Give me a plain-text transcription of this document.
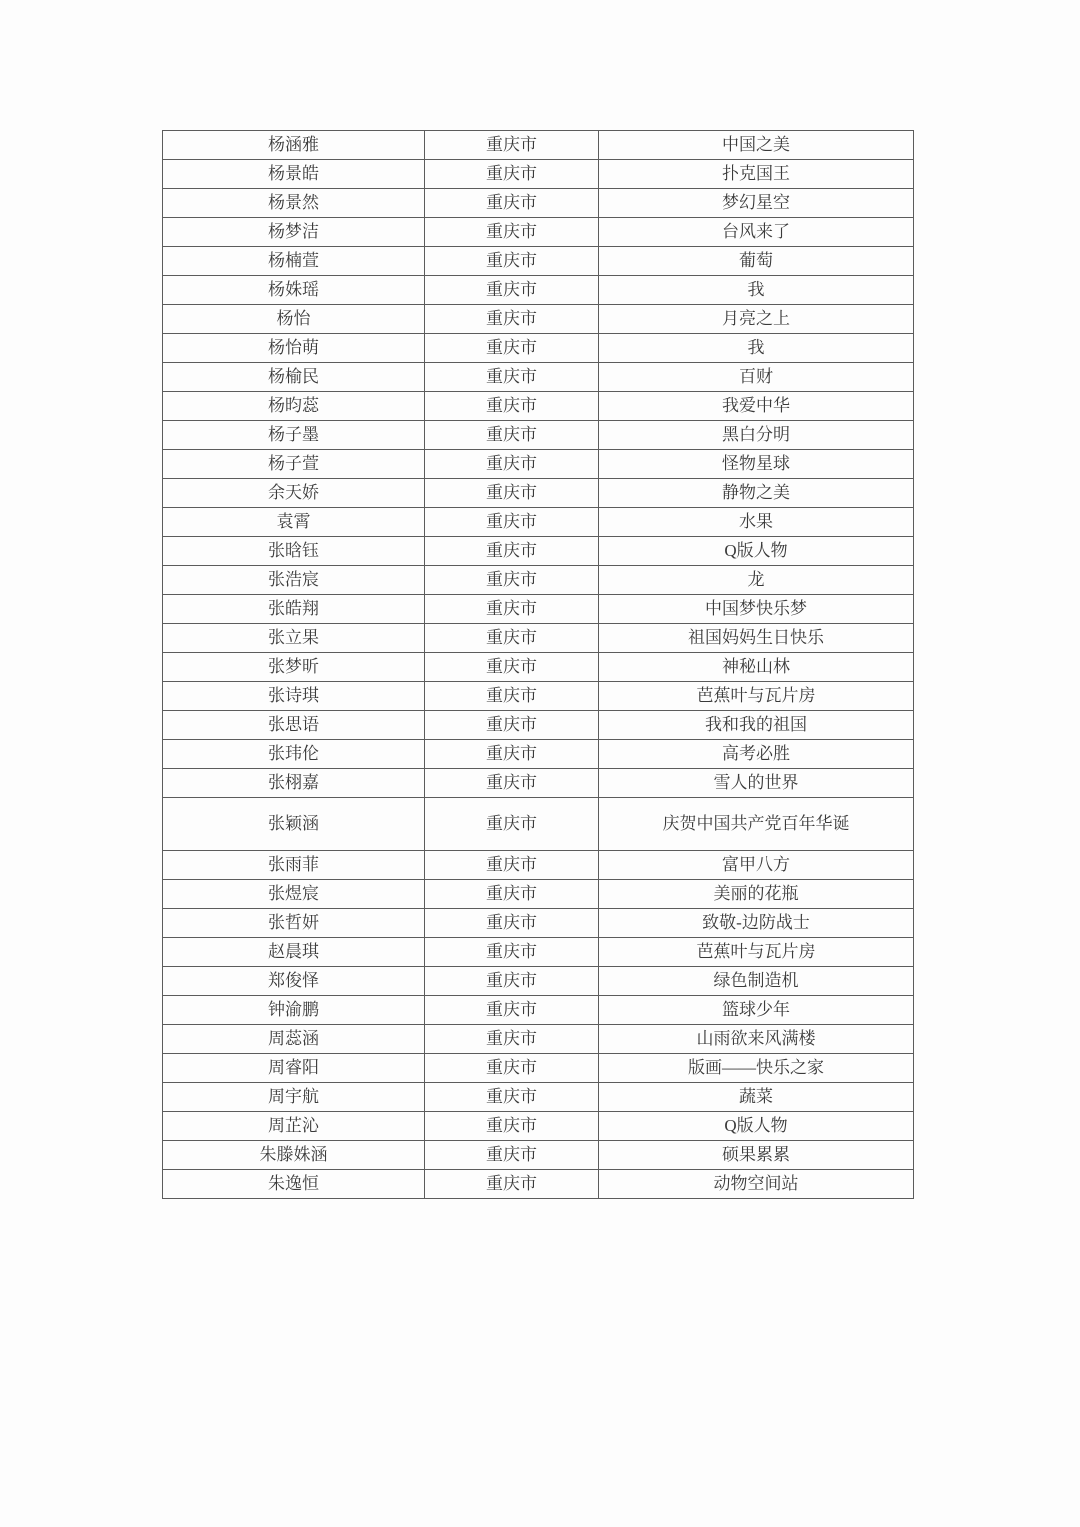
杨涵雅	重庆市	中国之美
杨景皓	重庆市	扑克国王
杨景然	重庆市	梦幻星空
杨梦洁	重庆市	台风来了
杨楠萱	重庆市	葡萄
杨姝瑶	重庆市	我
杨怡	重庆市	月亮之上
杨怡萌	重庆市	我
杨榆民	重庆市	百财
杨昀蕊	重庆市	我爱中华
杨子墨	重庆市	黑白分明
杨子萱	重庆市	怪物星球
余天娇	重庆市	静物之美
袁霄	重庆市	水果
张晗钰	重庆市	Q版人物
张浩宸	重庆市	龙
张皓翔	重庆市	中国梦快乐梦
张立果	重庆市	祖国妈妈生日快乐
张梦昕	重庆市	神秘山林
张诗琪	重庆市	芭蕉叶与瓦片房
张思语	重庆市	我和我的祖国
张玮伦	重庆市	高考必胜
张栩嘉	重庆市	雪人的世界
张颖涵	重庆市	庆贺中国共产党百年华诞
张雨菲	重庆市	富甲八方
张煜宸	重庆市	美丽的花瓶
张哲妍	重庆市	致敬-边防战士
赵晨琪	重庆市	芭蕉叶与瓦片房
郑俊怿	重庆市	绿色制造机
钟渝鹏	重庆市	篮球少年
周蕊涵	重庆市	山雨欲来风满楼
周睿阳	重庆市	版画——快乐之家
周宇航	重庆市	蔬菜
周芷沁	重庆市	Q版人物
朱滕姝涵	重庆市	硕果累累
朱逸恒	重庆市	动物空间站
